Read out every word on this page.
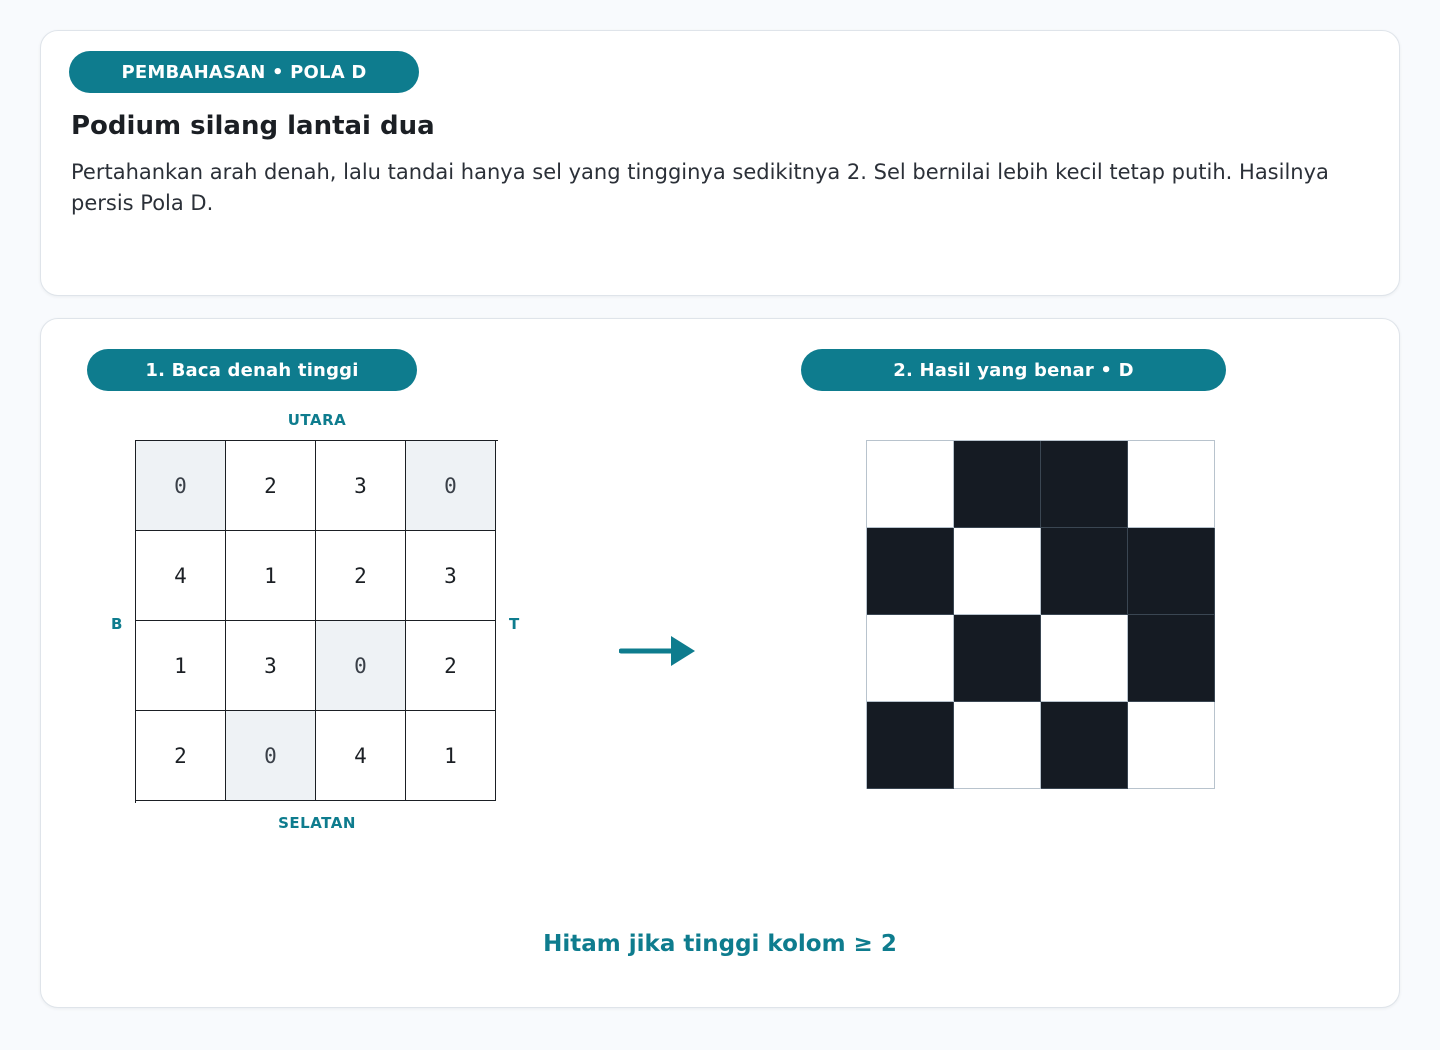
PEMBAHASAN • POLA D
Podium silang lantai dua
Pertahankan arah denah, lalu tandai hanya sel yang tingginya sedikitnya 2. Sel bernilai lebih kecil tetap putih. Hasilnya persis Pola D.
1. Baca denah tinggi	2. Hasil yang benar • D
UTARA
SELATAN
B	T
0	2	3	0
4	1	2	3
1	3	0	2
2	0	4	1
Hitam jika tinggi kolom ≥ 2
